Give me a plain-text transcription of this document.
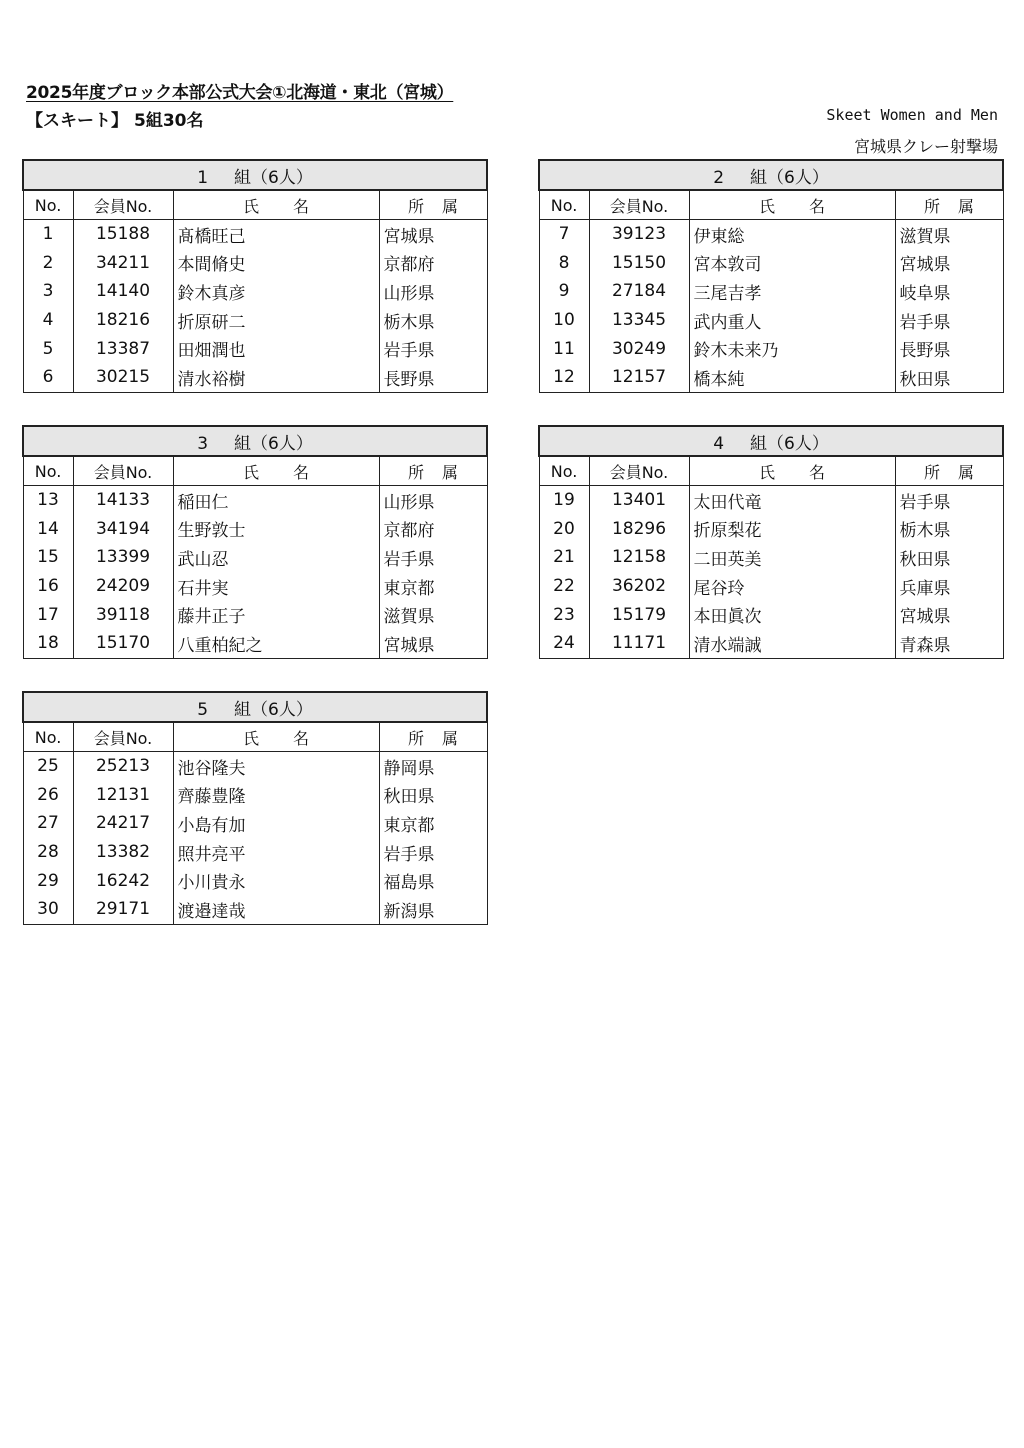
2025年度ブロック本部公式大会①北海道・東北（宮城）
【スキート】 5組30名	Skeet Women and Men
宮城県クレー射撃場
1 組（6人）			
No.	会員No.	氏 名	所 属
1	15188	髙橋旺己	宮城県
2	34211	本間脩史	京都府
3	14140	鈴木真彦	山形県
4	18216	折原研二	栃木県
5	13387	田畑潤也	岩手県
6	30215	清水裕樹	長野県
2 組（6人）			
No.	会員No.	氏 名	所 属
7	39123	伊東総	滋賀県
8	15150	宮本敦司	宮城県
9	27184	三尾吉孝	岐阜県
10	13345	武内重人	岩手県
11	30249	鈴木未来乃	長野県
12	12157	橋本純	秋田県
3 組（6人）			
No.	会員No.	氏 名	所 属
13	14133	稲田仁	山形県
14	34194	生野敦士	京都府
15	13399	武山忍	岩手県
16	24209	石井実	東京都
17	39118	藤井正子	滋賀県
18	15170	八重柏紀之	宮城県
4 組（6人）			
No.	会員No.	氏 名	所 属
19	13401	太田代竜	岩手県
20	18296	折原梨花	栃木県
21	12158	二田英美	秋田県
22	36202	尾谷玲	兵庫県
23	15179	本田眞次	宮城県
24	11171	清水端誠	青森県
5 組（6人）			
No.	会員No.	氏 名	所 属
25	25213	池谷隆夫	静岡県
26	12131	齊藤豊隆	秋田県
27	24217	小島有加	東京都
28	13382	照井亮平	岩手県
29	16242	小川貴永	福島県
30	29171	渡邉達哉	新潟県
